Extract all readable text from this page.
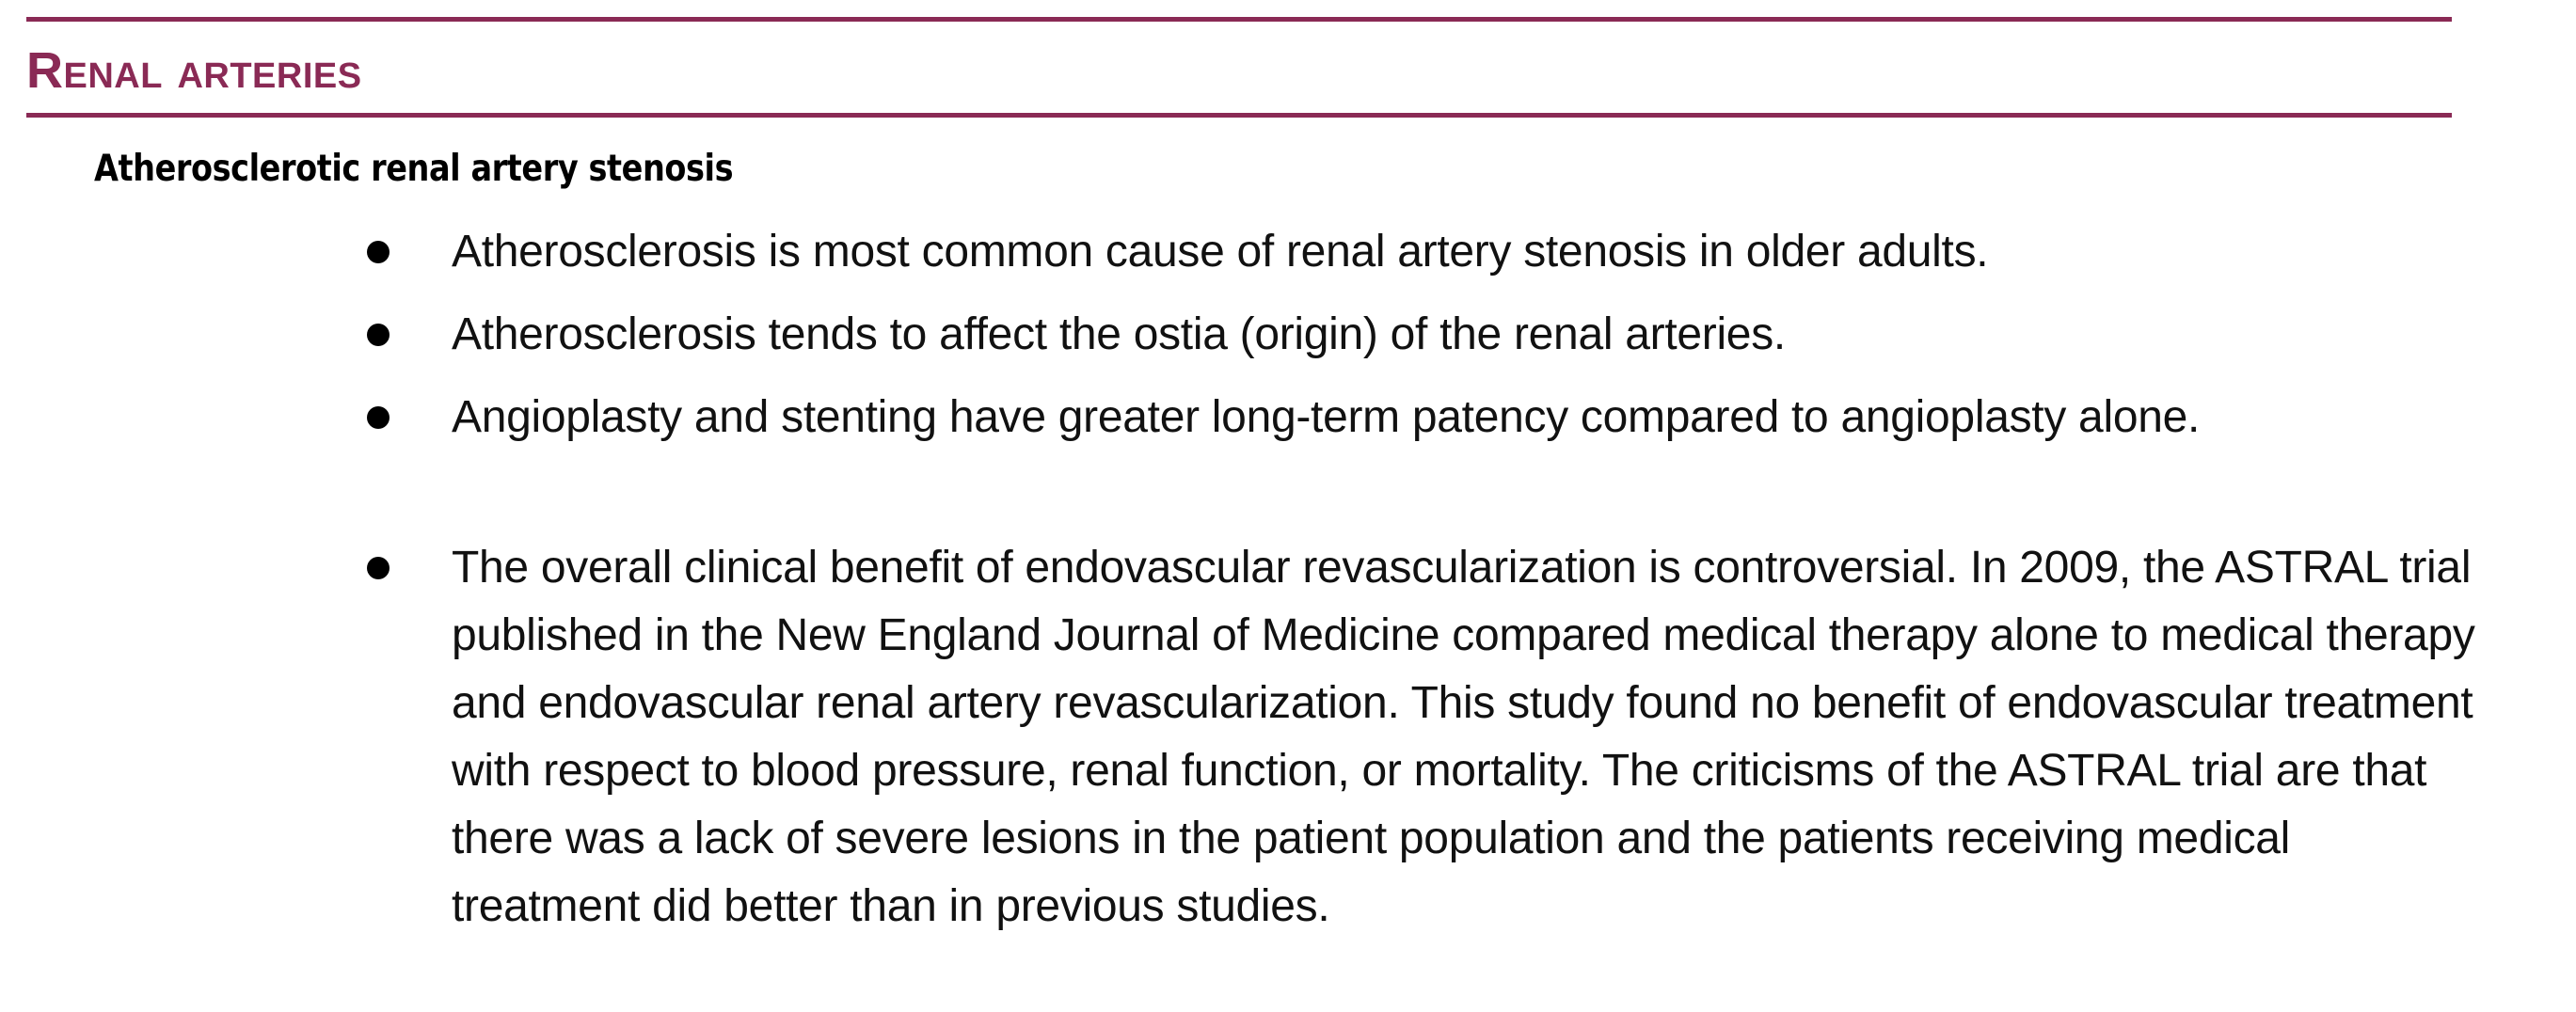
Renal arteries
Atherosclerotic renal artery stenosis

Atherosclerosis is most common cause of renal artery stenosis in older adults.

Atherosclerosis tends to affect the ostia (origin) of the renal arteries.

Angioplasty and stenting have greater long-term patency compared to angioplasty alone.

The overall clinical benefit of endovascular revascularization is controversial. In 2009, the ASTRAL trial published in the New England Journal of Medicine compared medical therapy alone to medical therapy and endovascular renal artery revascularization. This study found no benefit of endovascular treatment with respect to blood pressure, renal function, or mortality. The criticisms of the ASTRAL trial are that there was a lack of severe lesions in the patient population and the patients receiving medical treatment did better than in previous studies.
